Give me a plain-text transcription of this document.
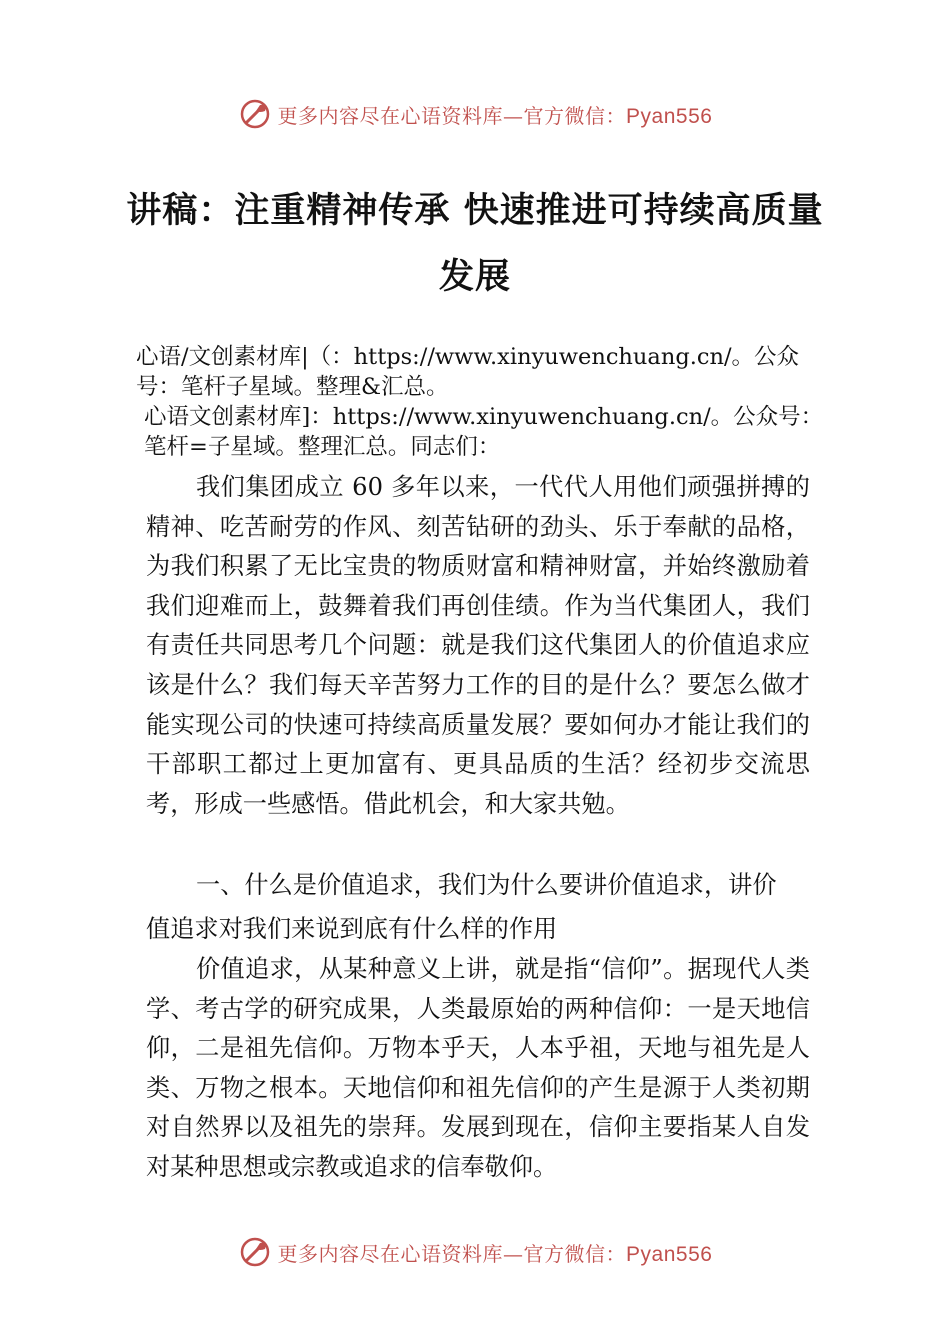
更多内容尽在心语资料库—官方微信：Pyan556
讲稿：注重精神传承 快速推进可持续高质量发展
心语/文创素材库|（：https://www.xinyuwenchuang.cn/。公众号：笔杆子星域。整理&汇总。
心语文创素材库]：https://www.xinyuwenchuang.cn/。公众号：笔杆=子星域。整理汇总。同志们：
我们集团成立 60 多年以来，一代代人用他们顽强拼搏的精神、吃苦耐劳的作风、刻苦钻研的劲头、乐于奉献的品格，为我们积累了无比宝贵的物质财富和精神财富，并始终激励着我们迎难而上，鼓舞着我们再创佳绩。作为当代集团人，我们有责任共同思考几个问题：就是我们这代集团人的价值追求应该是什么？我们每天辛苦努力工作的目的是什么？要怎么做才能实现公司的快速可持续高质量发展？要如何办才能让我们的干部职工都过上更加富有、更具品质的生活？经初步交流思考，形成一些感悟。借此机会，和大家共勉。
一、什么是价值追求，我们为什么要讲价值追求，讲价
值追求对我们来说到底有什么样的作用
价值追求，从某种意义上讲，就是指“信仰”。据现代人类学、考古学的研究成果，人类最原始的两种信仰：一是天地信仰，二是祖先信仰。万物本乎天，人本乎祖，天地与祖先是人类、万物之根本。天地信仰和祖先信仰的产生是源于人类初期对自然界以及祖先的崇拜。发展到现在，信仰主要指某人自发对某种思想或宗教或追求的信奉敬仰。
更多内容尽在心语资料库—官方微信：Pyan556
